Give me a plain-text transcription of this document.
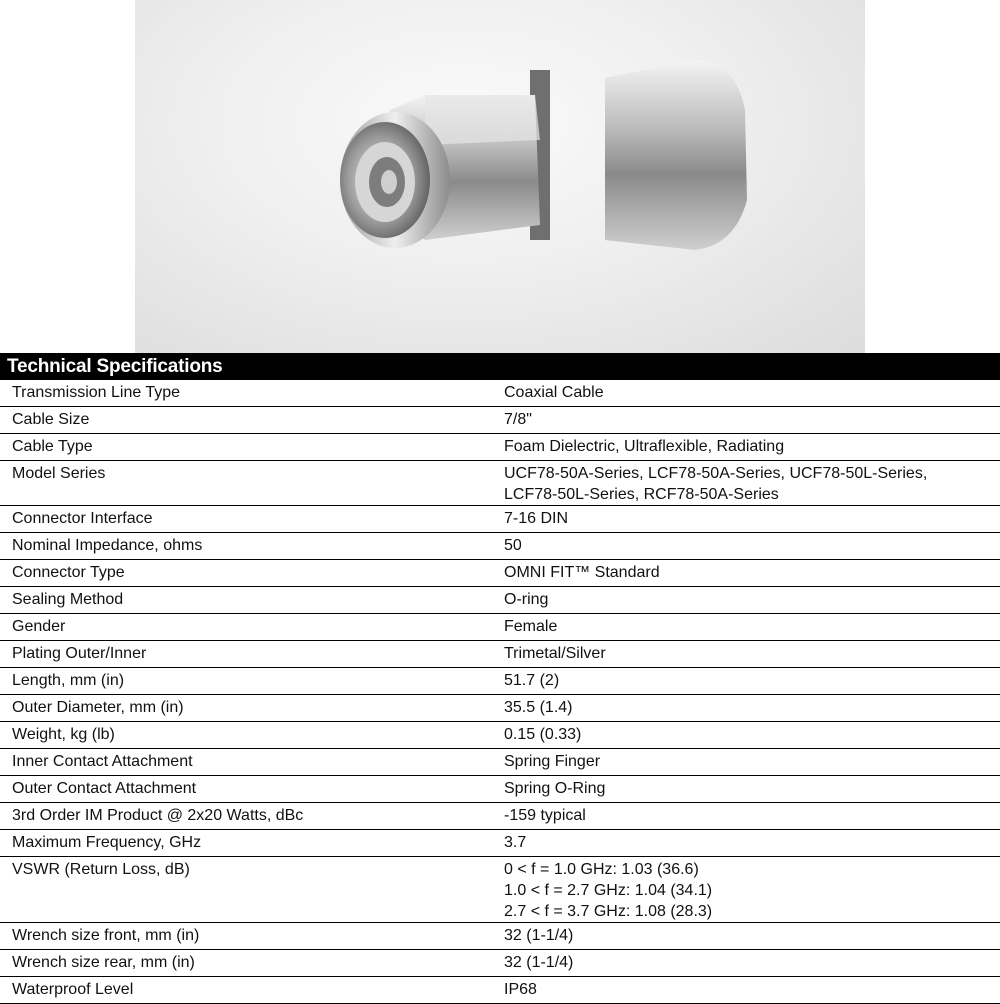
Technical Specifications
Transmission Line Type	Coaxial Cable
Cable Size	7/8"
Cable Type	Foam Dielectric, Ultraflexible, Radiating
Model Series	UCF78-50A-Series, LCF78-50A-Series, UCF78-50L-Series, LCF78-50L-Series, RCF78-50A-Series
Connector Interface	7-16 DIN
Nominal Impedance, ohms	50
Connector Type	OMNI FIT™ Standard
Sealing Method	O-ring
Gender	Female
Plating Outer/Inner	Trimetal/Silver
Length, mm (in)	51.7 (2)
Outer Diameter, mm (in)	35.5 (1.4)
Weight, kg (lb)	0.15 (0.33)
Inner Contact Attachment	Spring Finger
Outer Contact Attachment	Spring O-Ring
3rd Order IM Product @ 2x20 Watts, dBc	-159 typical
Maximum Frequency, GHz	3.7
VSWR (Return Loss, dB)	0 < f = 1.0 GHz: 1.03 (36.6)
1.0 < f = 2.7 GHz: 1.04 (34.1)
2.7 < f = 3.7 GHz: 1.08 (28.3)
Wrench size front, mm (in)	32 (1-1/4)
Wrench size rear, mm (in)	32 (1-1/4)
Waterproof Level	IP68
